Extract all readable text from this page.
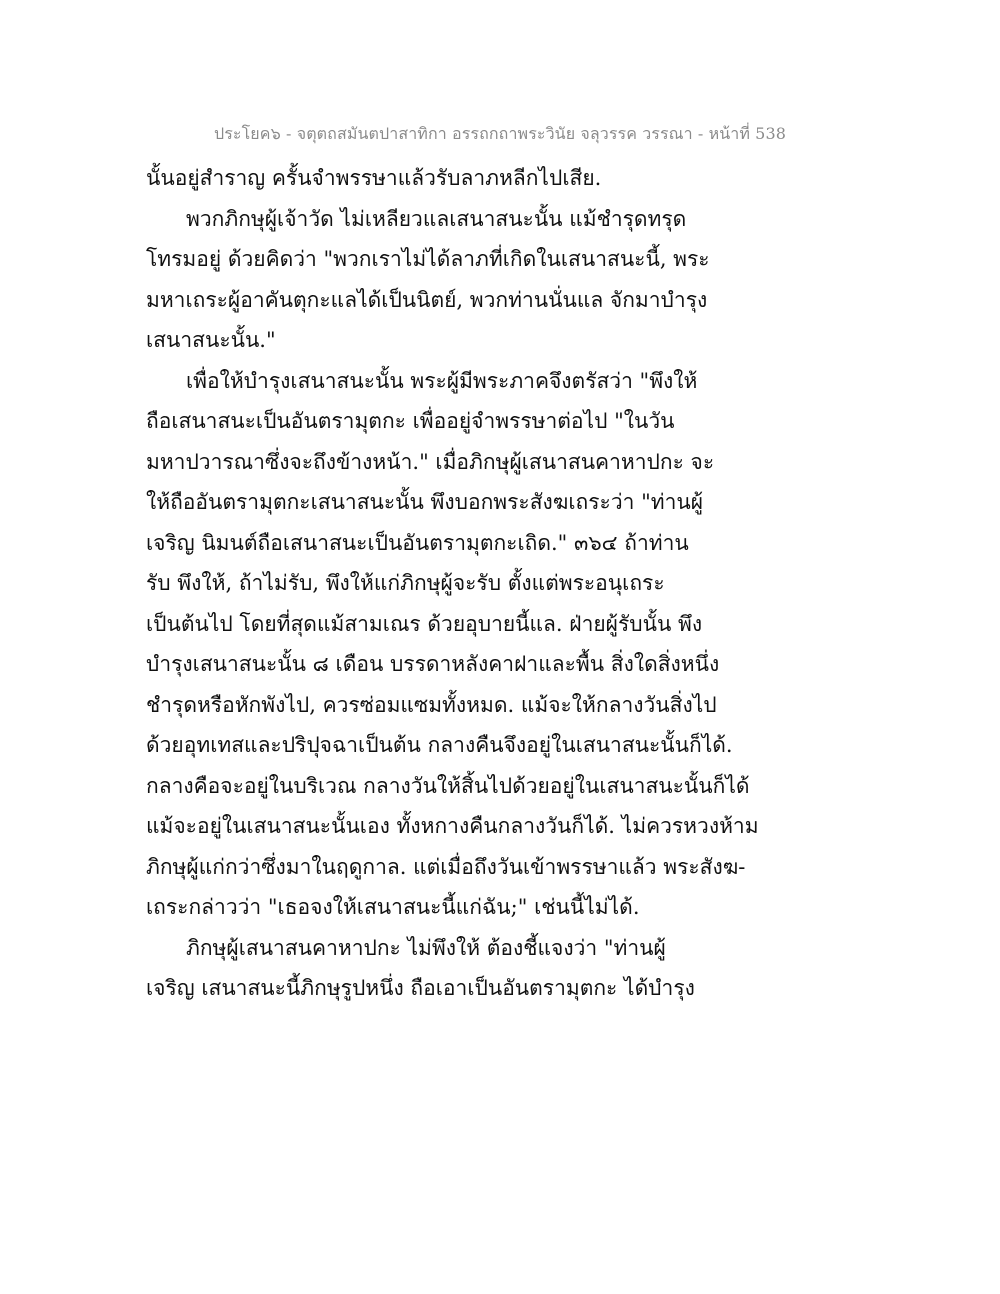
ประโยค๖ - จตุตถสมันตปาสาทิกา อรรถกถาพระวินัย จลุวรรค วรรณา - หน้าที่ 538
นั้นอยู่สำราญ ครั้นจำพรรษาแล้วรับลาภหลีกไปเสีย.
พวกภิกษุผู้เจ้าวัด ไม่เหลียวแลเสนาสนะนั้น แม้ชำรุดทรุด
โทรมอยู่ ด้วยคิดว่า "พวกเราไม่ได้ลาภที่เกิดในเสนาสนะนี้, พระ
มหาเถระผู้อาคันตุกะแลได้เป็นนิตย์, พวกท่านนั่นแล จักมาบำรุง
เสนาสนะนั้น."
เพื่อให้บำรุงเสนาสนะนั้น พระผู้มีพระภาคจึงตรัสว่า "พึงให้
ถือเสนาสนะเป็นอันตรามุตกะ เพื่ออยู่จำพรรษาต่อไป "ในวัน
มหาปวารณาซึ่งจะถึงข้างหน้า." เมื่อภิกษุผู้เสนาสนคาหาปกะ จะ
ให้ถืออันตรามุตกะเสนาสนะนั้น พึงบอกพระสังฆเถระว่า "ท่านผู้
เจริญ นิมนต์ถือเสนาสนะเป็นอันตรามุตกะเถิด." ๓๖๔ ถ้าท่าน
รับ พึงให้, ถ้าไม่รับ, พึงให้แก่ภิกษุผู้จะรับ ตั้งแต่พระอนุเถระ
เป็นต้นไป โดยที่สุดแม้สามเณร ด้วยอุบายนี้แล. ฝ่ายผู้รับนั้น พึง
บำรุงเสนาสนะนั้น ๘ เดือน บรรดาหลังคาฝาและพื้น สิ่งใดสิ่งหนึ่ง
ชำรุดหรือหักพังไป, ควรซ่อมแซมทั้งหมด. แม้จะให้กลางวันสิ่งไป
ด้วยอุทเทสและปริปุจฉาเป็นต้น กลางคืนจึงอยู่ในเสนาสนะนั้นก็ได้.
กลางคือจะอยู่ในบริเวณ กลางวันให้สิ้นไปด้วยอยู่ในเสนาสนะนั้นก็ได้
แม้จะอยู่ในเสนาสนะนั้นเอง ทั้งหกางคืนกลางวันก็ได้. ไม่ควรหวงห้าม
ภิกษุผู้แก่กว่าซึ่งมาในฤดูกาล. แต่เมื่อถึงวันเข้าพรรษาแล้ว พระสังฆ-
เถระกล่าวว่า "เธอจงให้เสนาสนะนี้แก่ฉัน;" เช่นนี้ไม่ได้.
ภิกษุผู้เสนาสนคาหาปกะ ไม่พึงให้ ต้องชี้แจงว่า "ท่านผู้
เจริญ เสนาสนะนี้ภิกษุรูปหนึ่ง ถือเอาเป็นอันตรามุตกะ ได้บำรุง
